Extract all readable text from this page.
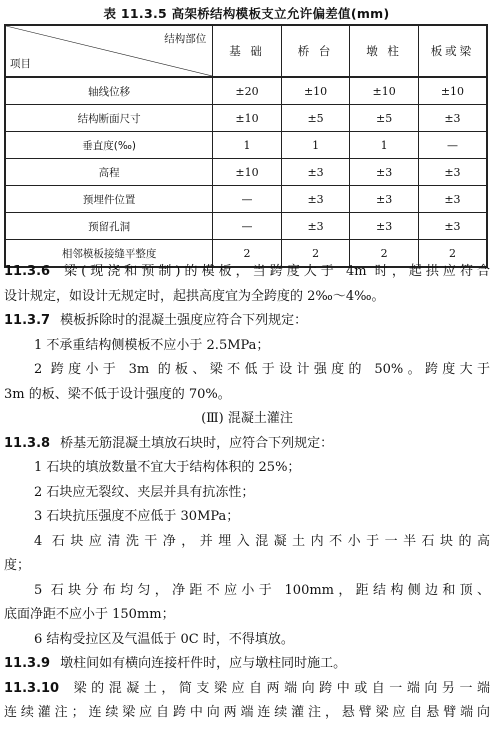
表 11.3.5 高架桥结构模板支立允许偏差值(mm)
结构部位
项目	基 础	桥 台	墩 柱	板或梁
轴线位移	±20	±10	±10	±10
结构断面尺寸	±10	±5	±5	±3
垂直度(‰)	1	1	1	—
高程	±10	±3	±3	±3
预埋件位置	—	±3	±3	±3
预留孔洞	—	±3	±3	±3
相邻模板接缝平整度	2	2	2	2

11.3.6 梁(现浇和预制)的模板，当跨度大于 4m 时，起拱应符合

设计规定，如设计无规定时，起拱高度宜为全跨度的 2‰～4‰。

11.3.7 模板拆除时的混凝土强度应符合下列规定：

1 不承重结构侧模板不应小于 2.5MPa；

2 跨度小于 3m 的板、梁不低于设计强度的 50%。跨度大于

3m 的板、梁不低于设计强度的 70%。

(Ⅲ) 混凝土灌注

11.3.8 桥基无筋混凝土填放石块时，应符合下列规定：

1 石块的填放数量不宜大于结构体积的 25%；

2 石块应无裂纹、夹层并具有抗冻性；

3 石块抗压强度不应低于 30MPa；

4 石块应清洗干净，并埋入混凝土内不小于一半石块的高

度；

5 石块分布均匀，净距不应小于 100mm，距结构侧边和顶、

底面净距不应小于 150mm；

6 结构受拉区及气温低于 0C 时，不得填放。

11.3.9 墩柱间如有横向连接杆件时，应与墩柱同时施工。

11.3.10 梁的混凝土，简支梁应自两端向跨中或自一端向另一端

连续灌注；连续梁应自跨中向两端连续灌注，悬臂梁应自悬臂端向
